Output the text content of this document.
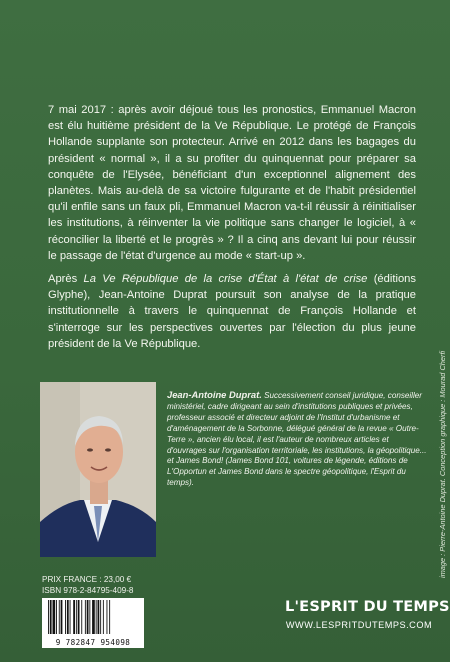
7 mai 2017 : après avoir déjoué tous les pronostics, Emmanuel Macron est élu huitième président de la Ve République. Le protégé de François Hollande supplante son protecteur. Arrivé en 2012 dans les bagages du président « normal », il a su profiter du quinquennat pour préparer sa conquête de l'Elysée, bénéficiant d'un exceptionnel alignement des planètes. Mais au-delà de sa victoire fulgurante et de l'habit présidentiel qu'il enfile sans un faux pli, Emmanuel Macron va-t-il réussir à réinitialiser les institutions, à réinventer la vie politique sans changer le logiciel, à « réconcilier la liberté et le progrès » ? Il a cinq ans devant lui pour réussir le passage de l'état d'urgence au mode « start-up ».

Après La Ve République de la crise d'État à l'état de crise (éditions Glyphe), Jean-Antoine Duprat poursuit son analyse de la pratique institutionnelle à travers le quinquennat de François Hollande et s'interroge sur les perspectives ouvertes par l'élection du plus jeune président de la Ve République.

Jean-Antoine Duprat. Successivement conseil juridique, conseiller ministériel, cadre dirigeant au sein d'institutions publiques et privées, professeur associé et directeur adjoint de l'Institut d'urbanisme et d'aménagement de la Sorbonne, délégué général de la revue « Outre-Terre », ancien élu local, il est l'auteur de nombreux articles et d'ouvrages sur l'organisation territoriale, les institutions, la géopolitique... et James Bond! (James Bond 101, voitures de légende, éditions de L'Opportun et James Bond dans le spectre géopolitique, l'Esprit du temps).	image : Pierre-Antoine Duprat. Conception graphique : Mourad Cherfi
PRIX FRANCE : 23,00 €
ISBN 978-2-84795-409-8
9 782847 954098
L'ESPRIT DU TEMPS
WWW.LESPRITDUTEMPS.COM
